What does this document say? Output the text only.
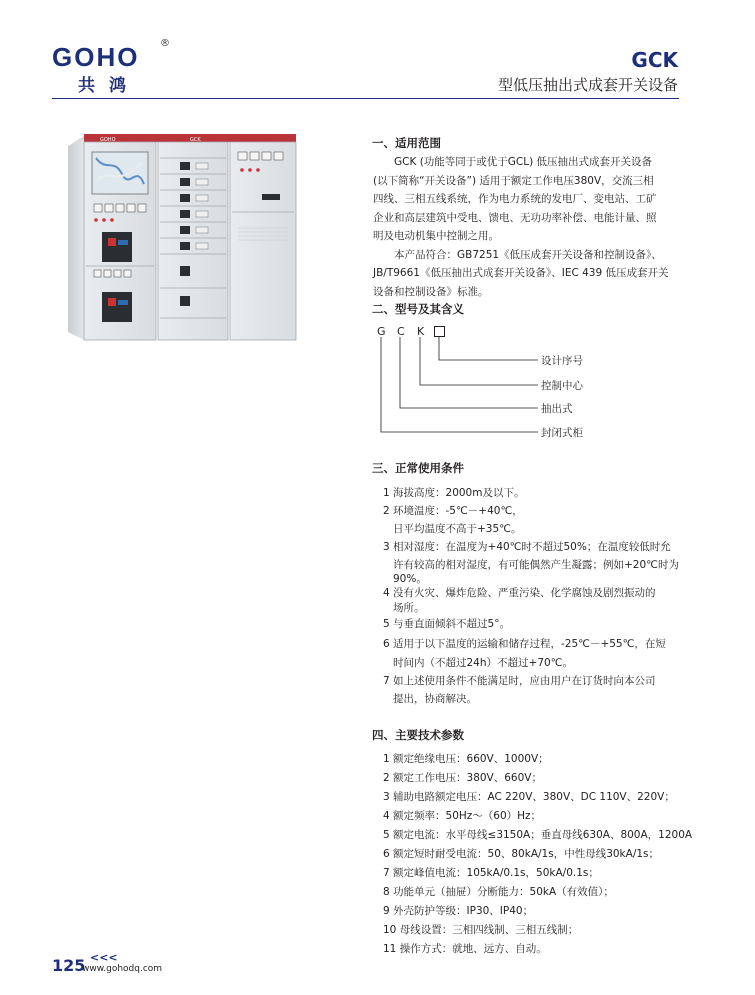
GOHO ®
共鸿
GCK
型低压抽出式成套开关设备
GOHO	GCK	一、适用范围

GCK (功能等同于或优于GCL) 低压抽出式成套开关设备

(以下简称“开关设备”) 适用于额定工作电压380V，交流三相

四线、三相五线系统，作为电力系统的发电厂、变电站、工矿

企业和高层建筑中受电、馈电、无功功率补偿、电能计量、照

明及电动机集中控制之用。

本产品符合：GB7251《低压成套开关设备和控制设备》、

JB/T9661《低压抽出式成套开关设备》、IEC 439 低压成套开关

设备和控制设备》标准。

二、型号及其含义
G C K
设计序号
控制中心
抽出式
封闭式柜
三、正常使用条件
1 海拔高度：2000m及以下。
2 环境温度：-5℃－+40℃，
日平均温度不高于+35℃。
3 相对湿度：在温度为+40℃时不超过50%；在温度较低时允
许有较高的相对湿度，有可能偶然产生凝露；例如+20℃时为
90%。
4 没有火灾、爆炸危险、严重污染、化学腐蚀及剧烈振动的
场所。
5 与垂直面倾斜不超过5°。
6 适用于以下温度的运输和储存过程，-25℃－+55℃，在短
时间内（不超过24h）不超过+70℃。
7 如上述使用条件不能满足时，应由用户在订货时向本公司
提出，协商解决。
四、主要技术参数
1 额定绝缘电压：660V、1000V；
2 额定工作电压：380V、660V；
3 辅助电路额定电压：AC 220V、380V、DC 110V、220V；
4 额定频率：50Hz～（60）Hz；
5 额定电流：水平母线≤3150A；垂直母线630A、800A，1200A
6 额定短时耐受电流：50、80kA/1s，中性母线30kA/1s；
7 额定峰值电流：105kA/0.1s，50kA/0.1s；
8 功能单元（抽屉）分断能力：50kA（有效值）；
9 外壳防护等级：IP30、IP40；
10 母线设置：三相四线制、三相五线制；
11 操作方式：就地、远方、自动。
125 <<<
www.gohodq.com
